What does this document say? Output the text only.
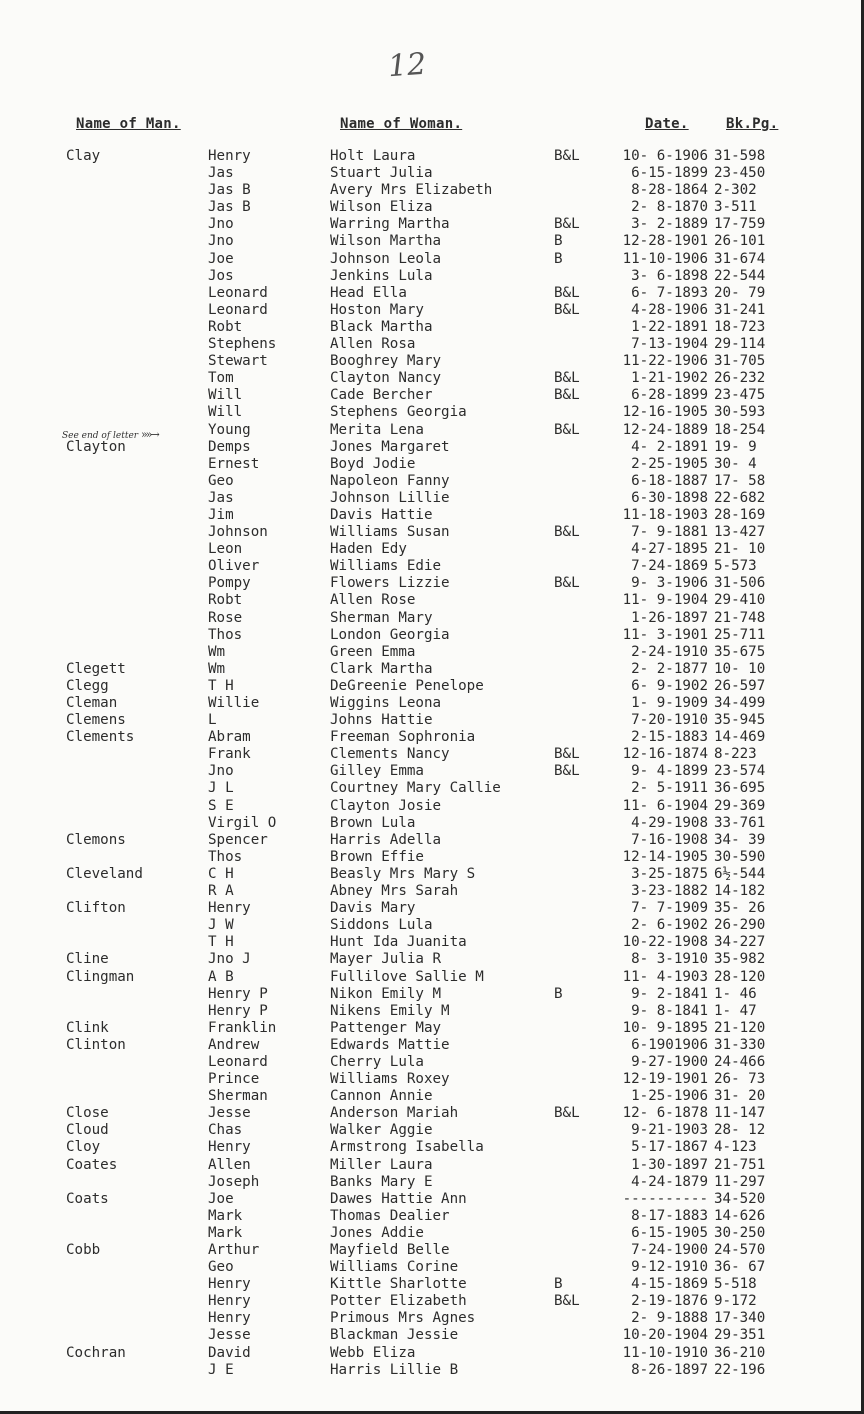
12
Name of Man.	Name of Woman.	Date.	Bk.Pg.
See end of letter »»→
Clay	Henry	Holt Laura	B&L	10- 6-1906 31-598
Jas	Stuart Julia	6-15-1899 23-450
Jas B	Avery Mrs Elizabeth	8-28-1864 2-302
Jas B	Wilson Eliza	2- 8-1870 3-511
Jno	Warring Martha	B&L	3- 2-1889 17-759
Jno	Wilson Martha	B	12-28-1901 26-101
Joe	Johnson Leola	B	11-10-1906 31-674
Jos	Jenkins Lula	3- 6-1898 22-544
Leonard	Head Ella	B&L	6- 7-1893 20- 79
Leonard	Hoston Mary	B&L	4-28-1906 31-241
Robt	Black Martha	1-22-1891 18-723
Stephens	Allen Rosa	7-13-1904 29-114
Stewart	Booghrey Mary	11-22-1906 31-705
Tom	Clayton Nancy	B&L	1-21-1902 26-232
Will	Cade Bercher	B&L	6-28-1899 23-475
Will	Stephens Georgia	12-16-1905 30-593
Young	Merita Lena	B&L	12-24-1889 18-254
Clayton	Demps	Jones Margaret	4- 2-1891 19- 9
Ernest	Boyd Jodie	2-25-1905 30- 4
Geo	Napoleon Fanny	6-18-1887 17- 58
Jas	Johnson Lillie	6-30-1898 22-682
Jim	Davis Hattie	11-18-1903 28-169
Johnson	Williams Susan	B&L	7- 9-1881 13-427
Leon	Haden Edy	4-27-1895 21- 10
Oliver	Williams Edie	7-24-1869 5-573
Pompy	Flowers Lizzie	B&L	9- 3-1906 31-506
Robt	Allen Rose	11- 9-1904 29-410
Rose	Sherman Mary	1-26-1897 21-748
Thos	London Georgia	11- 3-1901 25-711
Wm	Green Emma	2-24-1910 35-675
Clegett	Wm	Clark Martha	2- 2-1877 10- 10
Clegg	T H	DeGreenie Penelope	6- 9-1902 26-597
Cleman	Willie	Wiggins Leona	1- 9-1909 34-499
Clemens	L	Johns Hattie	7-20-1910 35-945
Clements	Abram	Freeman Sophronia	2-15-1883 14-469
Frank	Clements Nancy	B&L	12-16-1874 8-223
Jno	Gilley Emma	B&L	9- 4-1899 23-574
J L	Courtney Mary Callie	2- 5-1911 36-695
S E	Clayton Josie	11- 6-1904 29-369
Virgil O	Brown Lula	4-29-1908 33-761
Clemons	Spencer	Harris Adella	7-16-1908 34- 39
Thos	Brown Effie	12-14-1905 30-590
Cleveland	C H	Beasly Mrs Mary S	3-25-1875 6½-544
R A	Abney Mrs Sarah	3-23-1882 14-182
Clifton	Henry	Davis Mary	7- 7-1909 35- 26
J W	Siddons Lula	2- 6-1902 26-290
T H	Hunt Ida Juanita	10-22-1908 34-227
Cline	Jno J	Mayer Julia R	8- 3-1910 35-982
Clingman	A B	Fullilove Sallie M	11- 4-1903 28-120
Henry P	Nikon Emily M	B	9- 2-1841 1- 46
Henry P	Nikens Emily M	9- 8-1841 1- 47
Clink	Franklin	Pattenger May	10- 9-1895 21-120
Clinton	Andrew	Edwards Mattie	6-1901906 31-330
Leonard	Cherry Lula	9-27-1900 24-466
Prince	Williams Roxey	12-19-1901 26- 73
Sherman	Cannon Annie	1-25-1906 31- 20
Close	Jesse	Anderson Mariah	B&L	12- 6-1878 11-147
Cloud	Chas	Walker Aggie	9-21-1903 28- 12
Cloy	Henry	Armstrong Isabella	5-17-1867 4-123
Coates	Allen	Miller Laura	1-30-1897 21-751
Joseph	Banks Mary E	4-24-1879 11-297
Coats	Joe	Dawes Hattie Ann	---------- 34-520
Mark	Thomas Dealier	8-17-1883 14-626
Mark	Jones Addie	6-15-1905 30-250
Cobb	Arthur	Mayfield Belle	7-24-1900 24-570
Geo	Williams Corine	9-12-1910 36- 67
Henry	Kittle Sharlotte	B	4-15-1869 5-518
Henry	Potter Elizabeth	B&L	2-19-1876 9-172
Henry	Primous Mrs Agnes	2- 9-1888 17-340
Jesse	Blackman Jessie	10-20-1904 29-351
Cochran	David	Webb Eliza	11-10-1910 36-210
J E	Harris Lillie B	8-26-1897 22-196
